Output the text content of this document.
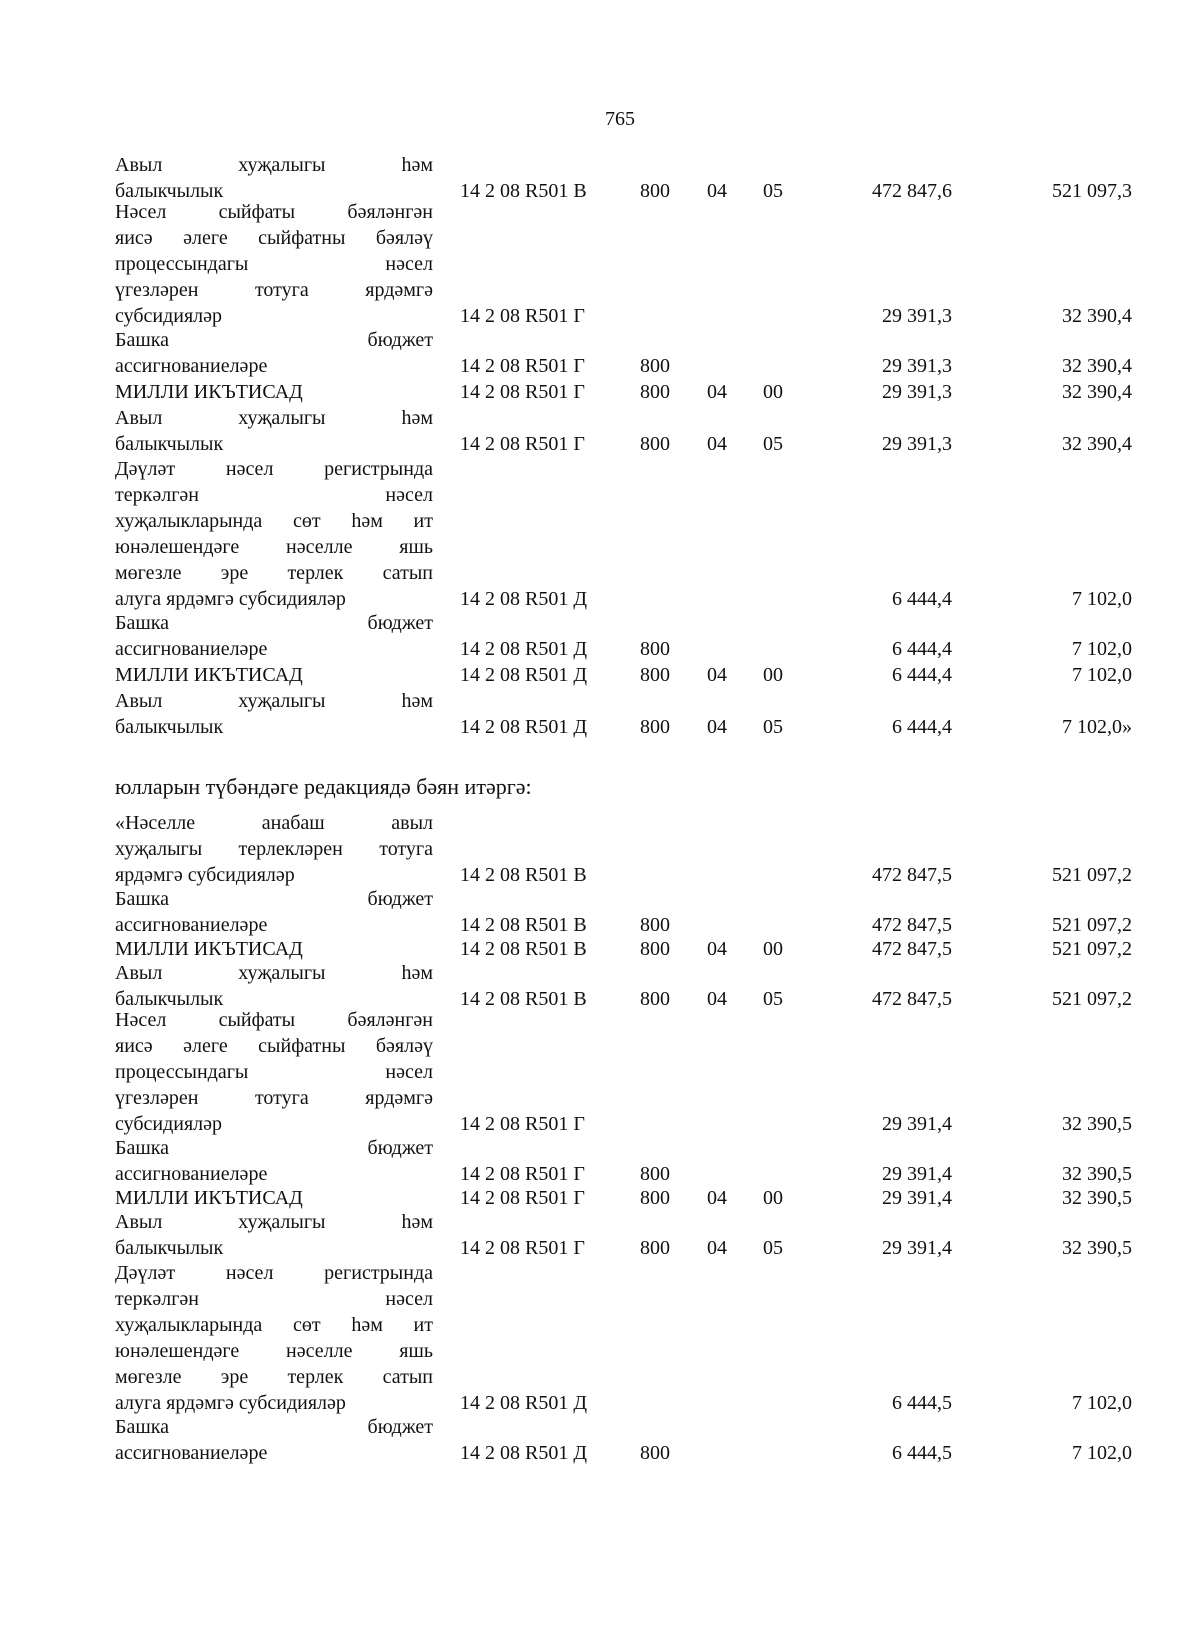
765
Авыл хуҗалыгы һәм
балыкчылык	14 2 08 R501 В	800 04 05	472 847,6	521 097,3
Нәсел сыйфаты бәяләнгән
яисә әлеге сыйфатны бәяләү
процессындагы нәсел
үгезләрен тотуга ярдәмгә
субсидияләр	14 2 08 R501 Г	29 391,3	32 390,4
Башка бюджет
ассигнованиеләре	14 2 08 R501 Г	800	29 391,3	32 390,4
МИЛЛИ ИКЪТИСАД	14 2 08 R501 Г	800 04 00	29 391,3	32 390,4
Авыл хуҗалыгы һәм
балыкчылык	14 2 08 R501 Г	800 04 05	29 391,3	32 390,4
Дәүләт нәсел регистрында
теркәлгән нәсел
хуҗалыкларында сөт һәм ит
юнәлешендәге нәселле яшь
мөгезле эре терлек сатып
алуга ярдәмгә субсидияләр	14 2 08 R501 Д	6 444,4	7 102,0
Башка бюджет
ассигнованиеләре	14 2 08 R501 Д	800	6 444,4	7 102,0
МИЛЛИ ИКЪТИСАД	14 2 08 R501 Д	800 04 00	6 444,4	7 102,0
Авыл хуҗалыгы һәм
балыкчылык	14 2 08 R501 Д	800 04 05	6 444,4	7 102,0»
юлларын түбәндәге редакциядә бәян итәргә:
«Нәселле анабаш авыл
хуҗалыгы терлекләрен тотуга
ярдәмгә субсидияләр	14 2 08 R501 В	472 847,5	521 097,2
Башка бюджет
ассигнованиеләре	14 2 08 R501 В	800	472 847,5	521 097,2
МИЛЛИ ИКЪТИСАД	14 2 08 R501 В	800 04 00	472 847,5	521 097,2
Авыл хуҗалыгы һәм
балыкчылык	14 2 08 R501 В	800 04 05	472 847,5	521 097,2
Нәсел сыйфаты бәяләнгән
яисә әлеге сыйфатны бәяләү
процессындагы нәсел
үгезләрен тотуга ярдәмгә
субсидияләр	14 2 08 R501 Г	29 391,4	32 390,5
Башка бюджет
ассигнованиеләре	14 2 08 R501 Г	800	29 391,4	32 390,5
МИЛЛИ ИКЪТИСАД	14 2 08 R501 Г	800 04 00	29 391,4	32 390,5
Авыл хуҗалыгы һәм
балыкчылык	14 2 08 R501 Г	800 04 05	29 391,4	32 390,5
Дәүләт нәсел регистрында
теркәлгән нәсел
хуҗалыкларында сөт һәм ит
юнәлешендәге нәселле яшь
мөгезле эре терлек сатып
алуга ярдәмгә субсидияләр	14 2 08 R501 Д	6 444,5	7 102,0
Башка бюджет
ассигнованиеләре	14 2 08 R501 Д	800	6 444,5	7 102,0
